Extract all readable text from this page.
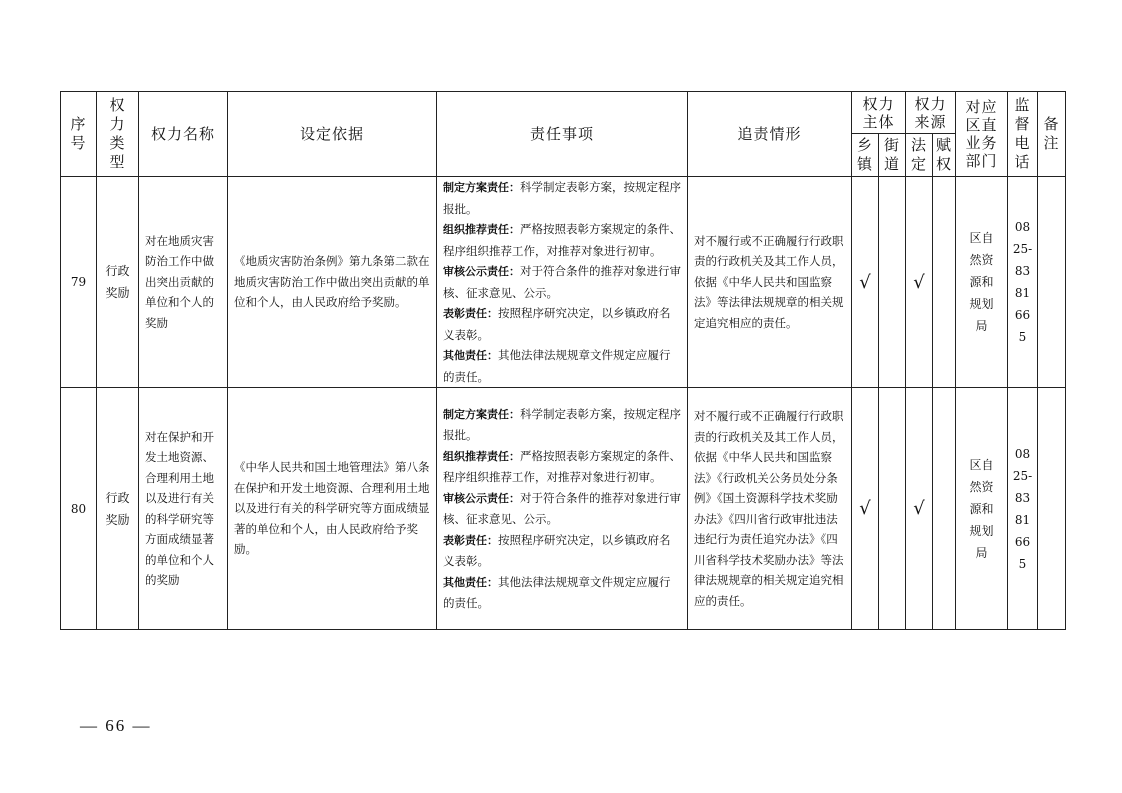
序号	权力类型	权力名称	设定依据	责任事项	追责情形	权力主体		权力来源		对应区直业务部门	监督电话	备注

						乡镇	街道	法定	赋权			

79	行政奖励	对在地质灾害防治工作中做出突出贡献的单位和个人的奖励	《地质灾害防治条例》第九条第二款在地质灾害防治工作中做出突出贡献的单位和个人，由人民政府给予奖励。	制定方案责任：科学制定表彰方案，按规定程序报批。
组织推荐责任：严格按照表彰方案规定的条件、程序组织推荐工作，对推荐对象进行初审。
审核公示责任：对于符合条件的推荐对象进行审核、征求意见、公示。
表彰责任：按照程序研究决定，以乡镇政府名义表彰。
其他责任：其他法律法规规章文件规定应履行的责任。	对不履行或不正确履行行政职责的行政机关及其工作人员，依据《中华人民共和国监察法》等法律法规规章的相关规定追究相应的责任。	√		√		区自然资源和规划局	0825-8381665	

80	行政奖励	对在保护和开发土地资源、合理利用土地以及进行有关的科学研究等方面成绩显著的单位和个人的奖励	《中华人民共和国土地管理法》第八条　　在保护和开发土地资源、合理利用土地以及进行有关的科学研究等方面成绩显著的单位和个人，由人民政府给予奖励。	制定方案责任：科学制定表彰方案，按规定程序报批。
组织推荐责任：严格按照表彰方案规定的条件、程序组织推荐工作，对推荐对象进行初审。
审核公示责任：对于符合条件的推荐对象进行审核、征求意见、公示。
表彰责任：按照程序研究决定，以乡镇政府名义表彰。
其他责任：其他法律法规规章文件规定应履行的责任。	对不履行或不正确履行行政职责的行政机关及其工作人员，依据《中华人民共和国监察法》《行政机关公务员处分条例》《国土资源科学技术奖励办法》《四川省行政审批违法违纪行为责任追究办法》《四川省科学技术奖励办法》等法律法规规章的相关规定追究相应的责任。	√		√		区自然资源和规划局	0825-8381665	

— 66 —
